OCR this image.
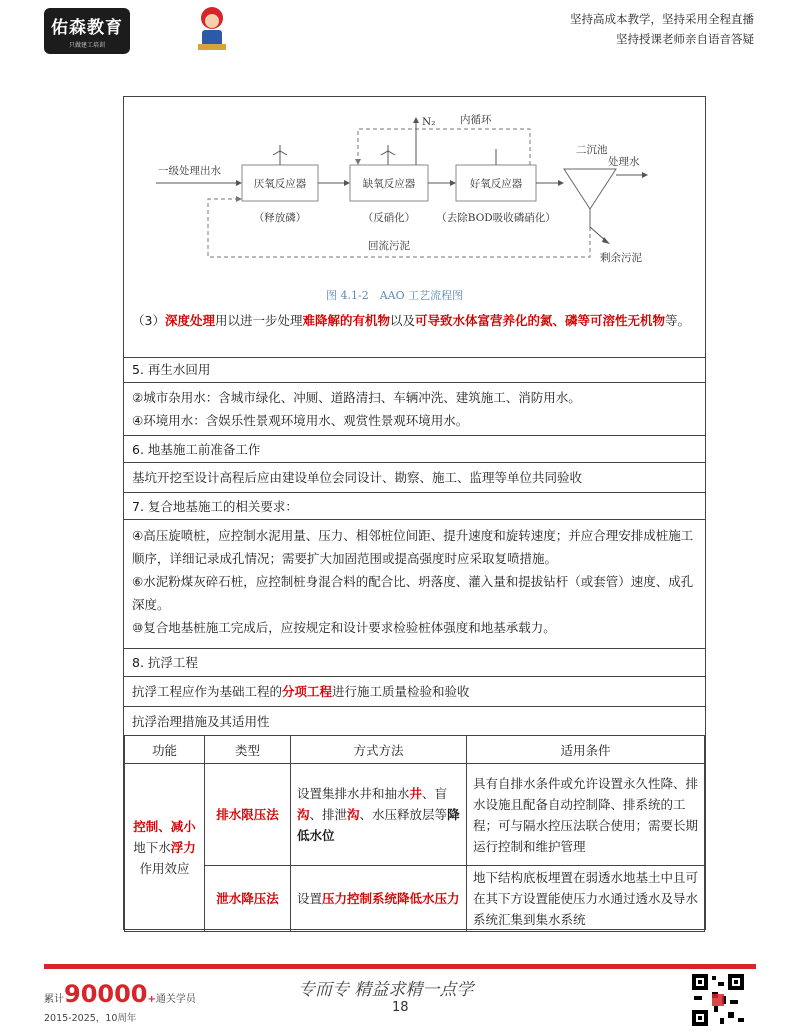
佑森教育
只做建工培训
坚持高成本教学，坚持采用全程直播
坚持授课老师亲自语音答疑
一级处理出水
厌氧反应器
（释放磷）
缺氧反应器
（反硝化）
好氧反应器
（去除BOD吸收磷硝化）
二沉池
处理水
内循环
N₂
回流污泥
剩余污泥
图 4.1-2　AAO 工艺流程图
（3）深度处理用以进一步处理难降解的有机物以及可导致水体富营养化的氮、磷等可溶性无机物等。
5. 再生水回用
②城市杂用水：含城市绿化、冲厕、道路清扫、车辆冲洗、建筑施工、消防用水。
④环境用水：含娱乐性景观环境用水、观赏性景观环境用水。
6. 地基施工前准备工作
基坑开挖至设计高程后应由建设单位会同设计、勘察、施工、监理等单位共同验收
7. 复合地基施工的相关要求：
④高压旋喷桩，应控制水泥用量、压力、相邻桩位间距、提升速度和旋转速度；并应合理安排成桩施工顺序，详细记录成孔情况；需要扩大加固范围或提高强度时应采取复喷措施。
⑥水泥粉煤灰碎石桩，应控制桩身混合料的配合比、坍落度、灌入量和提拔钻杆（或套管）速度、成孔深度。
⑩复合地基桩施工完成后，应按规定和设计要求检验桩体强度和地基承载力。
8. 抗浮工程
抗浮工程应作为基础工程的分项工程进行施工质量检验和验收
抗浮治理措施及其适用性
功能	类型	方式方法	适用条件
控制、减小
地下水浮力
作用效应	排水限压法	设置集排水井和抽水井、盲沟、排泄沟、水压释放层等降低水位	具有自排水条件或允许设置永久性降、排水设施且配备自动控制降、排系统的工程；可与隔水控压法联合使用；需要长期运行控制和维护管理
	泄水降压法	设置压力控制系统降低水压力	地下结构底板埋置在弱透水地基土中且可在其下方设置能使压力水通过透水及导水系统汇集到集水系统
累计90000+通关学员
2015-2025，10周年
专而专 精益求精一点学
18
